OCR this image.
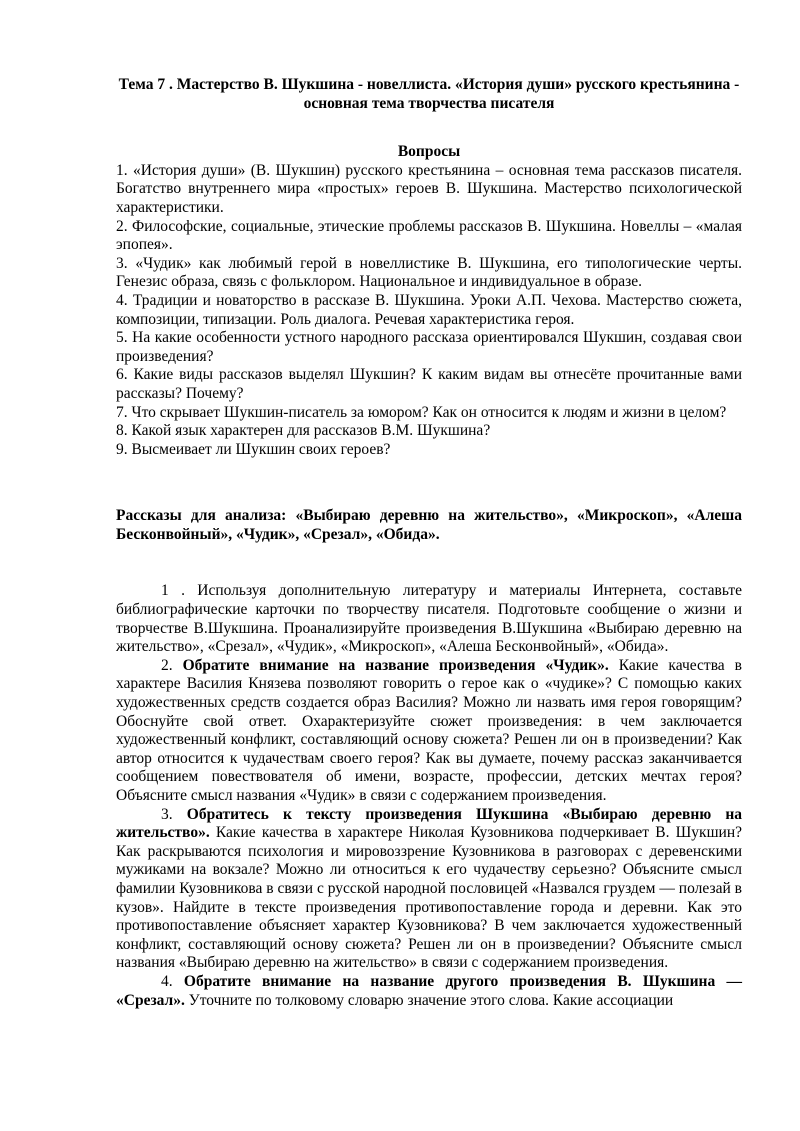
Тема 7 . Мастерство В. Шукшина - новеллиста. «История души» русского крестьянина - основная тема творчества писателя

Вопросы

1. «История души» (В. Шукшин) русского крестьянина – основная тема рассказов писателя. Богатство внутреннего мира «простых» героев В. Шукшина. Мастерство психологической характеристики.

2. Философские, социальные, этические проблемы рассказов В. Шукшина. Новеллы – «малая эпопея».

3. «Чудик» как любимый герой в новеллистике В. Шукшина, его типологические черты. Генезис образа, связь с фольклором. Национальное и индивидуальное в образе.

4. Традиции и новаторство в рассказе В. Шукшина. Уроки А.П. Чехова. Мастерство сюжета, композиции, типизации. Роль диалога. Речевая характеристика героя.

5. На какие особенности устного народного рассказа ориентировался Шукшин, создавая свои произведения?

6. Какие виды рассказов выделял Шукшин? К каким видам вы отнесёте прочитанные вами рассказы? Почему?

7. Что скрывает Шукшин-писатель за юмором? Как он относится к людям и жизни в целом?

8. Какой язык характерен для рассказов В.М. Шукшина?

9. Высмеивает ли Шукшин своих героев?

Рассказы для анализа: «Выбираю деревню на жительство», «Микроскоп», «Алеша Бесконвойный», «Чудик», «Срезал», «Обида».

1 . Используя дополнительную литературу и материалы Интернета, составьте библиографические карточки по творчеству писателя. Подготовьте сообщение о жизни и творчестве В.Шукшина. Проанализируйте произведения В.Шукшина «Выбираю деревню на жительство», «Срезал», «Чудик», «Микроскоп», «Алеша Бесконвойный», «Обида».

2. Обратите внимание на название произведения «Чудик». Какие качества в характере Василия Князева позволяют говорить о герое как о «чудике»? С помощью каких художественных средств создается образ Василия? Можно ли назвать имя героя говорящим? Обоснуйте свой ответ. Охарактеризуйте сюжет произведения: в чем заключается художественный конфликт, составляющий основу сюжета? Решен ли он в произведении? Как автор относится к чудачествам своего героя? Как вы думаете, почему рассказ заканчивается сообщением повествователя об имени, возрасте, профессии, детских мечтах героя? Объясните смысл названия «Чудик» в связи с содержанием произведения.

3. Обратитесь к тексту произведения Шукшина «Выбираю деревню на жительство». Какие качества в характере Николая Кузовникова подчеркивает В. Шукшин? Как раскрываются психология и мировоззрение Кузовникова в разговорах с деревенскими мужиками на вокзале? Можно ли относиться к его чудачеству серьезно? Объясните смысл фамилии Кузовникова в связи с русской народной пословицей «Назвался груздем — полезай в кузов». Найдите в тексте произведения противопоставление города и деревни. Как это противопоставление объясняет характер Кузовникова? В чем заключается художественный конфликт, составляющий основу сюжета? Решен ли он в произведении? Объясните смысл названия «Выбираю деревню на жительство» в связи с содержанием произведения.

4. Обратите внимание на название другого произведения В. Шукшина — «Срезал». Уточните по толковому словарю значение этого слова. Какие ассоциации
